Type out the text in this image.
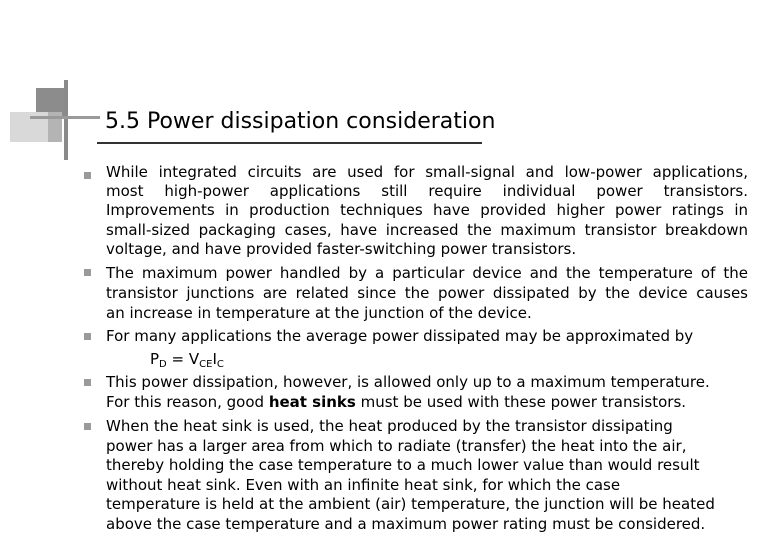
5.5 Power dissipation consideration
While integrated circuits are used for small-signal and low-power applications,
most high-power applications still require individual power transistors.
Improvements in production techniques have provided higher power ratings in
small-sized packaging cases, have increased the maximum transistor breakdown
voltage, and have provided faster-switching power transistors.
The maximum power handled by a particular device and the temperature of the
transistor junctions are related since the power dissipated by the device causes
an increase in temperature at the junction of the device.
For many applications the average power dissipated may be approximated by
$P_D = V_{CE}I_C$
This power dissipation, however, is allowed only up to a maximum temperature.
For this reason, good heat sinks must be used with these power transistors.
When the heat sink is used, the heat produced by the transistor dissipating
power has a larger area from which to radiate (transfer) the heat into the air,
thereby holding the case temperature to a much lower value than would result
without heat sink. Even with an infinite heat sink, for which the case
temperature is held at the ambient (air) temperature, the junction will be heated
above the case temperature and a maximum power rating must be considered.
